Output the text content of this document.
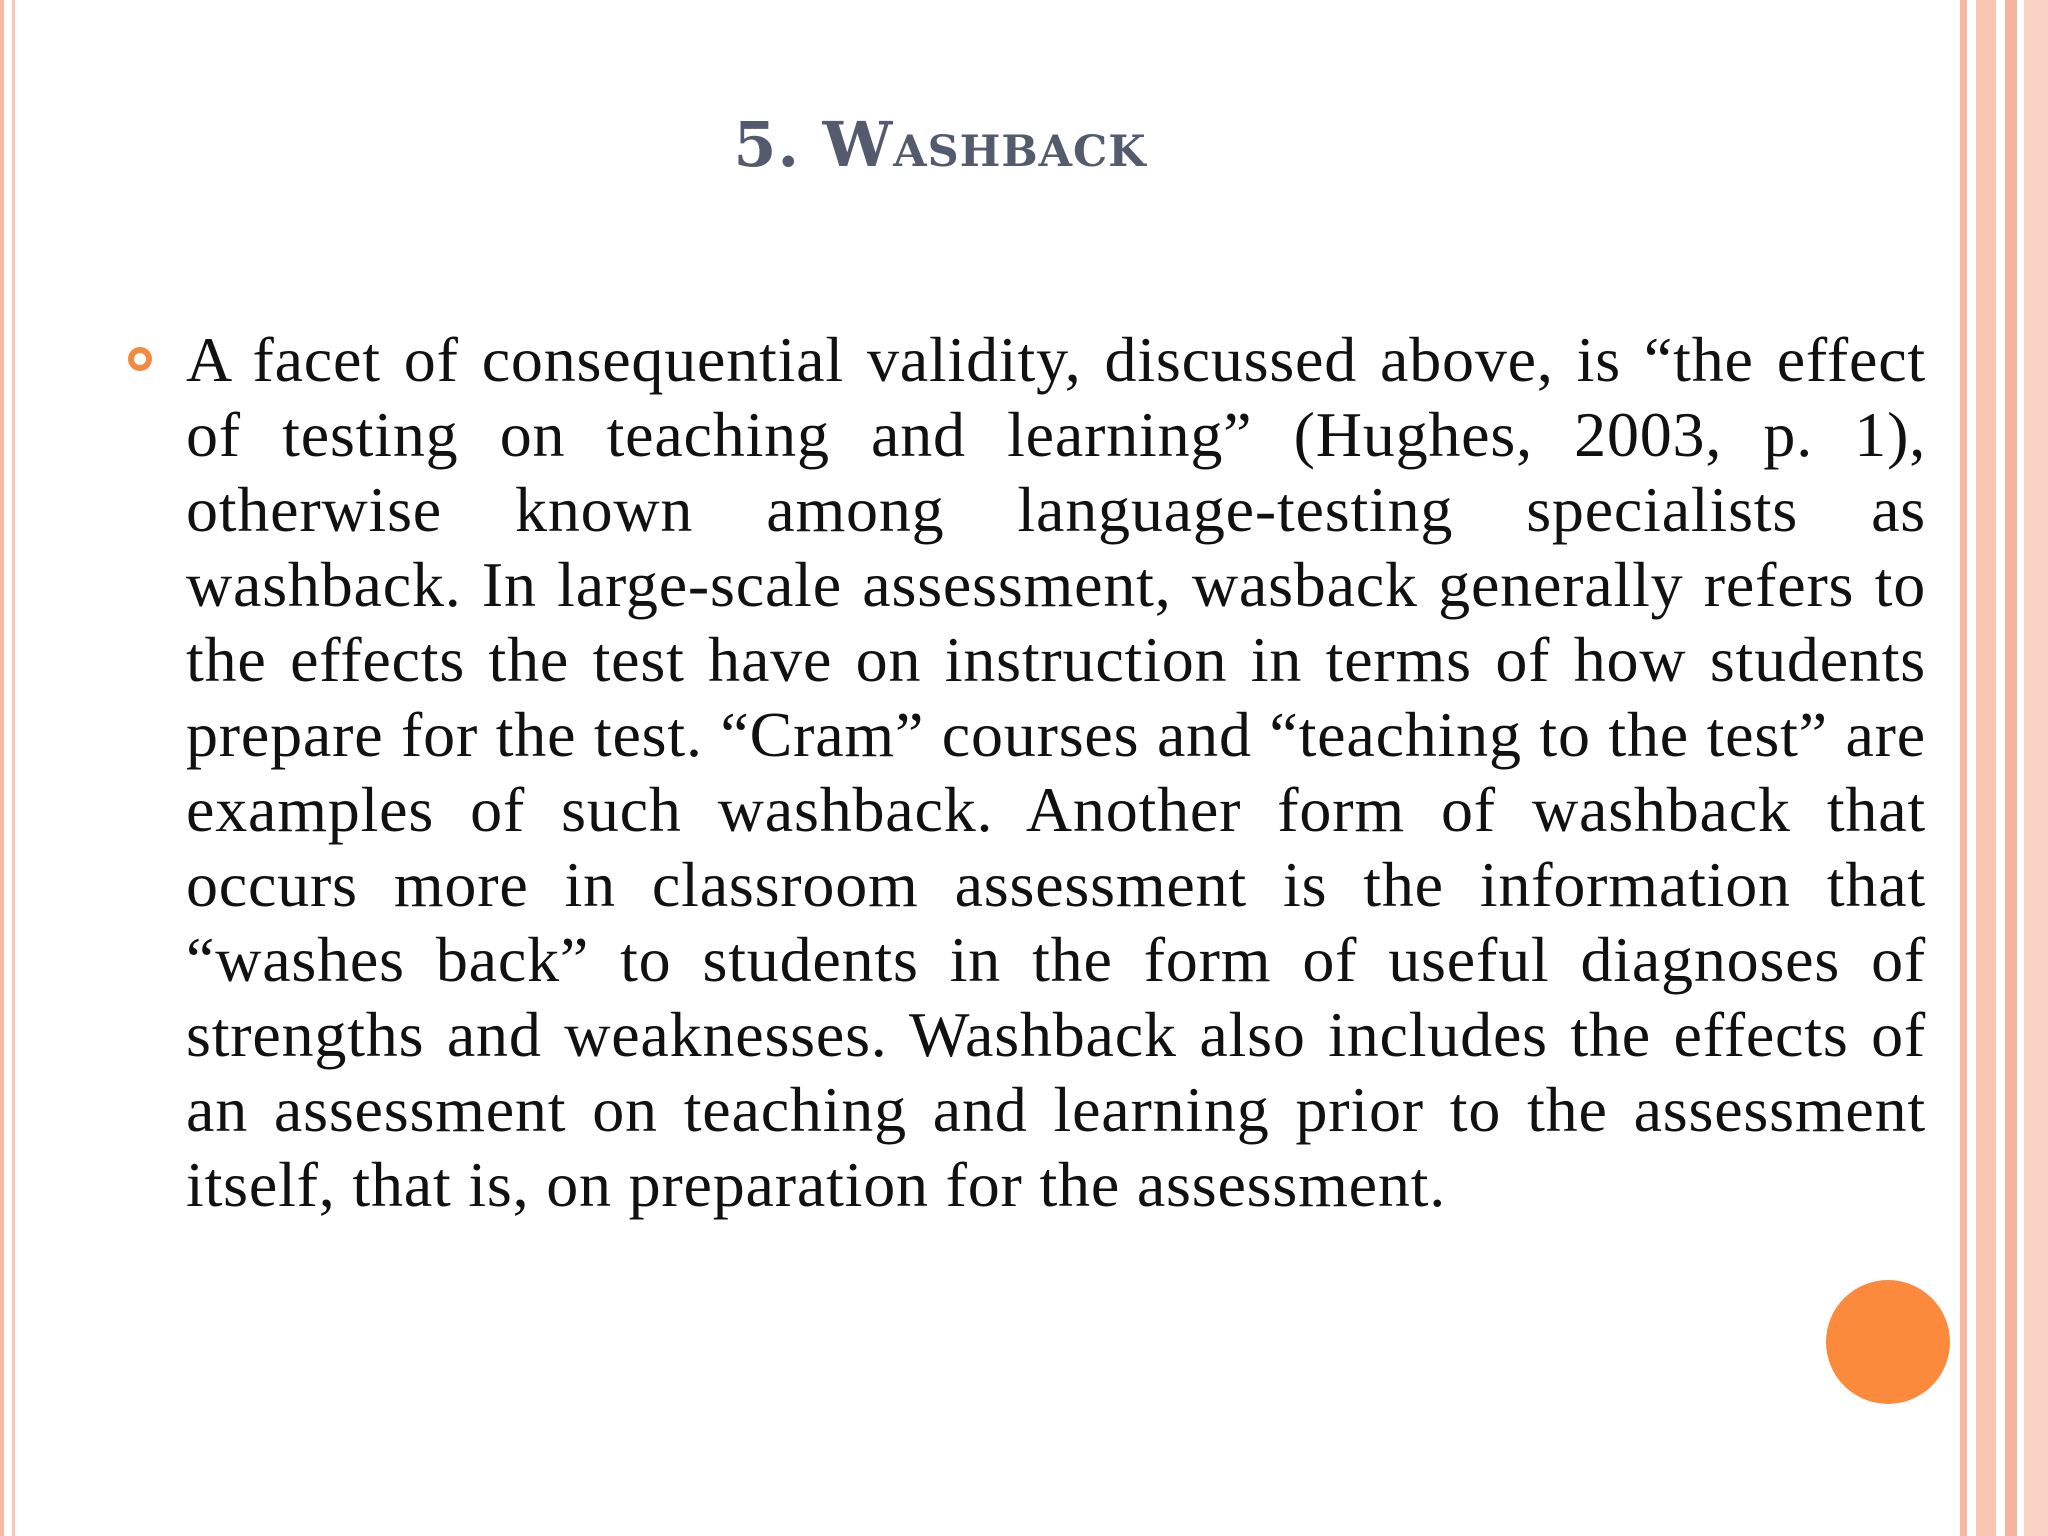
5. Washback

A facet of consequential validity, discussed above, is “the effect of testing on teaching and learning” (Hughes, 2003, p. 1), otherwise known among language-testing specialists as washback. In large-scale assessment, wasback generally refers to the effects the test have on instruction in terms of how students prepare for the test. “Cram” courses and “teaching to the test” are examples of such washback. Another form of washback that occurs more in classroom assessment is the information that “washes back” to students in the form of useful diagnoses of strengths and weaknesses. Washback also includes the effects of an assessment on teaching and learning prior to the assessment itself, that is, on preparation for the assessment.
